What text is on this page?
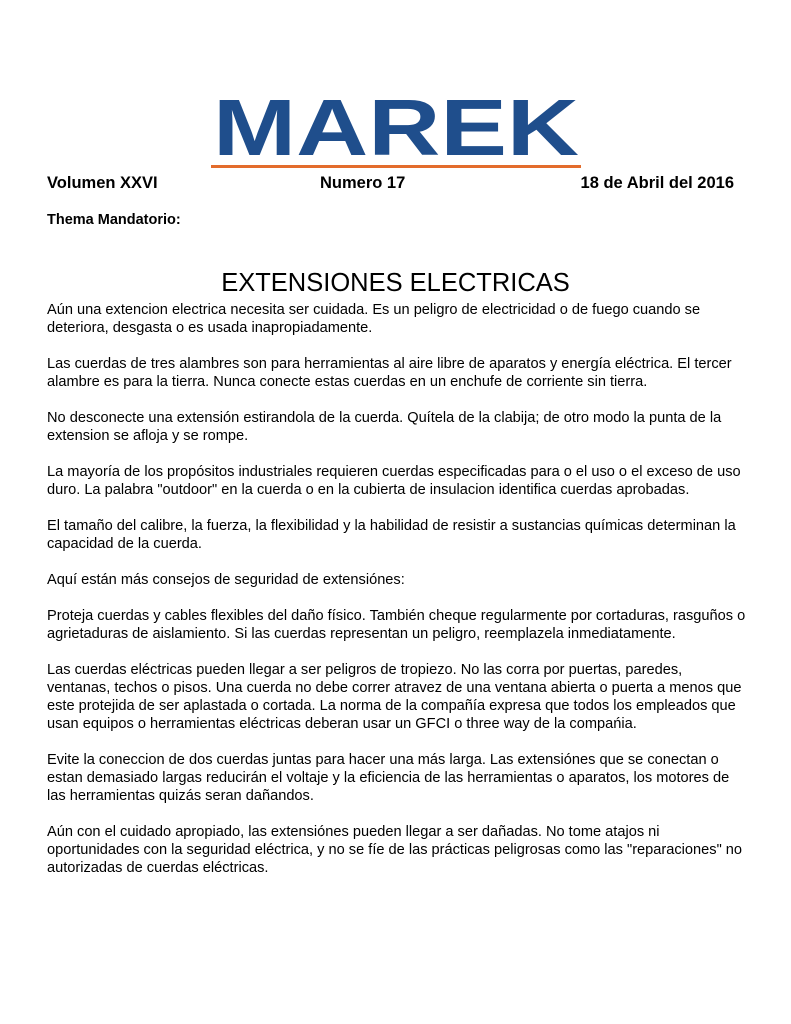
MAREK
Volumen XXVI	Numero 17	18 de Abril del 2016
Thema Mandatorio:
EXTENSIONES ELECTRICAS

Aún una extencion electrica necesita ser cuidada. Es un peligro de electricidad o de fuego cuando se deteriora, desgasta o es usada inapropiadamente.

Las cuerdas de tres alambres son para herramientas al aire libre de aparatos y energía eléctrica. El tercer alambre es para la tierra. Nunca conecte estas cuerdas en un enchufe de corriente sin tierra.

No desconecte una extensión estirandola de la cuerda. Quítela de la clabija; de otro modo la punta de la extension se afloja y se rompe.

La mayoría de los propósitos industriales requieren cuerdas especificadas para o el uso o el exceso de uso duro. La palabra "outdoor" en la cuerda o en la cubierta de insulacion identifica cuerdas aprobadas.

El tamaño del calibre, la fuerza, la flexibilidad y la habilidad de resistir a sustancias químicas determinan la capacidad de la cuerda.

Aquí están más consejos de seguridad de extensiónes:

Proteja cuerdas y cables flexibles del daño físico. También cheque regularmente por cortaduras, rasguños o agrietaduras de aislamiento. Si las cuerdas representan un peligro, reemplazela inmediatamente.

Las cuerdas eléctricas pueden llegar a ser peligros de tropiezo. No las corra por puertas, paredes, ventanas, techos o pisos. Una cuerda no debe correr atravez de una ventana abierta o puerta a menos que este protejida de ser aplastada o cortada. La norma de la compañía expresa que todos los empleados que usan equipos o herramientas eléctricas deberan usar un GFCI o three way de la compańia.

Evite la coneccion de dos cuerdas juntas para hacer una más larga. Las extensiónes que se conectan o estan demasiado largas reducirán el voltaje y la eficiencia de las herramientas o aparatos, los motores de las herramientas quizás seran dañandos.

Aún con el cuidado apropiado, las extensiónes pueden llegar a ser dañadas. No tome atajos ni oportunidades con la seguridad eléctrica, y no se fíe de las prácticas peligrosas como las "reparaciones" no autorizadas de cuerdas eléctricas.
